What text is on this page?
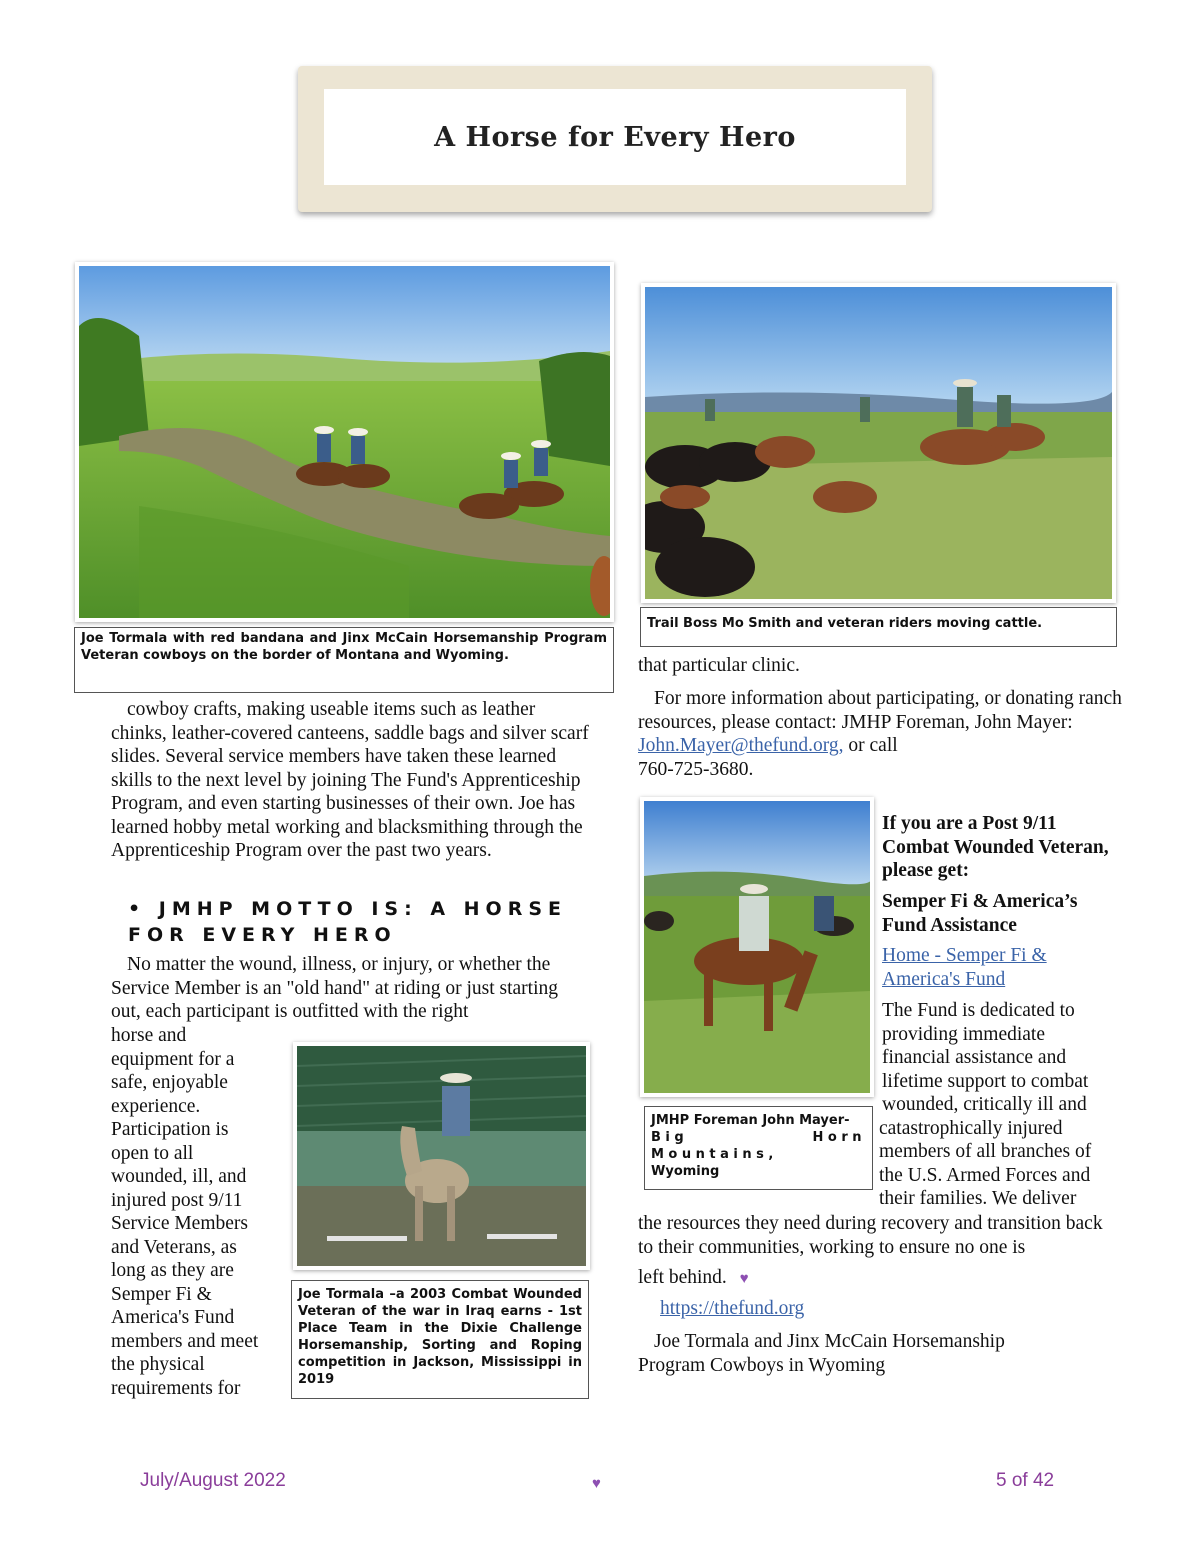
A Horse for Every Hero
Joe Tormala with red bandana and Jinx McCain Horsemanship Program Veteran cowboys on the border of Montana and Wyoming.
Trail Boss Mo Smith and veteran riders moving cattle.
cowboy crafts, making useable items such as leather chinks, leather-covered canteens, saddle bags and silver scarf slides. Several service members have taken these learned skills to the next level by joining The Fund's Apprenticeship Program, and even starting businesses of their own. Joe has learned hobby metal working and blacksmithing through the Apprenticeship Program over the past two years.
• JMHP MOTTO IS: A HORSE
FOR EVERY HERO
No matter the wound, illness, or injury, or whether the Service Member is an "old hand" at riding or just starting out, each participant is outfitted with the right
horse and
equipment for a
safe, enjoyable
experience.
Participation is
open to all
wounded, ill, and
injured post 9/11
Service Members
and Veterans, as
long as they are
Semper Fi &
America's Fund
members and meet
the physical
requirements for
Joe Tormala –a 2003 Combat Wounded Veteran of the war in Iraq earns - 1st Place Team in the Dixie Challenge Horsemanship, Sorting and Roping competition in Jackson, Mississippi in 2019
that particular clinic.
For more information about participating, or donating ranch resources, please contact: JMHP Foreman, John Mayer: John.Mayer@thefund.org, or call
760-725-3680.
JMHP Foreman John Mayer-
Big Horn Mountains,
Wyoming
If you are a Post 9/11 Combat Wounded Veteran, please get:
Semper Fi & America’s Fund Assistance
Home - Semper Fi & America's Fund
The Fund is dedicated to
providing immediate
financial assistance and
lifetime support to combat
wounded, critically ill and
catastrophically injured
members of all branches of
the U.S. Armed Forces and
their families. We deliver
the resources they need during recovery and transition back to their communities, working to ensure no one is
left behind. ♥
https://thefund.org
Joe Tormala and Jinx McCain Horsemanship Program Cowboys in Wyoming
July/August 2022	♥	5 of 42
